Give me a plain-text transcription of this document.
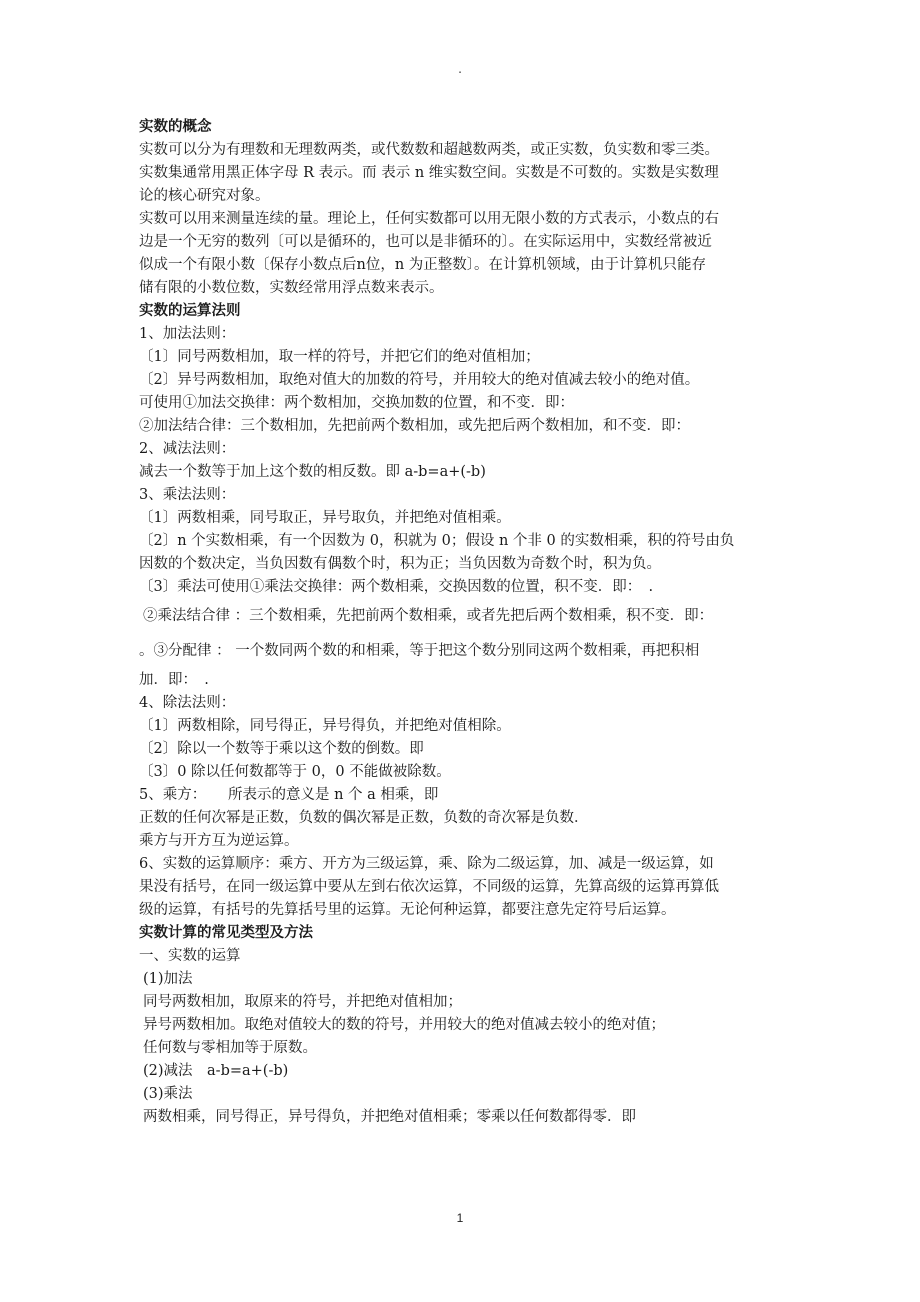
.
实数的概念
实数可以分为有理数和无理数两类，或代数数和超越数两类，或正实数，负实数和零三类。
实数集通常用黑正体字母 R 表示。而 表示 n 维实数空间。实数是不可数的。实数是实数理
论的核心研究对象。
实数可以用来测量连续的量。理论上，任何实数都可以用无限小数的方式表示，小数点的右
边是一个无穷的数列〔可以是循环的，也可以是非循环的〕。在实际运用中，实数经常被近
似成一个有限小数〔保存小数点后n位，n 为正整数〕。在计算机领域，由于计算机只能存
储有限的小数位数，实数经常用浮点数来表示。
实数的运算法则
1、加法法则：
〔1〕同号两数相加，取一样的符号，并把它们的绝对值相加；
〔2〕异号两数相加，取绝对值大的加数的符号，并用较大的绝对值减去较小的绝对值。
可使用①加法交换律：两个数相加，交换加数的位置，和不变．即：
②加法结合律：三个数相加，先把前两个数相加，或先把后两个数相加，和不变．即：
2、减法法则：
减去一个数等于加上这个数的相反数。即 a-b=a+(-b)
3、乘法法则：
〔1〕两数相乘，同号取正，异号取负，并把绝对值相乘。
〔2〕n 个实数相乘，有一个因数为 0，积就为 0；假设 n 个非 0 的实数相乘，积的符号由负
因数的个数决定，当负因数有偶数个时，积为正；当负因数为奇数个时，积为负。
〔3〕乘法可使用①乘法交换律：两个数相乘，交换因数的位置，积不变．即：　.
②乘法结合律 ：三个数相乘，先把前两个数相乘，或者先把后两个数相乘，积不变．即：
。③分配律 ： 一个数同两个数的和相乘，等于把这个数分别同这两个数相乘，再把积相
加．即：　.
4、除法法则：
〔1〕两数相除，同号得正，异号得负，并把绝对值相除。
〔2〕除以一个数等于乘以这个数的倒数。即
〔3〕0 除以任何数都等于 0，0 不能做被除数。
5、乘方：　　所表示的意义是 n 个 a 相乘，即
正数的任何次幂是正数，负数的偶次幂是正数，负数的奇次幂是负数．
乘方与开方互为逆运算。
6、实数的运算顺序：乘方、开方为三级运算，乘、除为二级运算，加、减是一级运算，如
果没有括号，在同一级运算中要从左到右依次运算，不同级的运算，先算高级的运算再算低
级的运算，有括号的先算括号里的运算。无论何种运算，都要注意先定符号后运算。
实数计算的常见类型及方法
一、实数的运算
(1)加法
同号两数相加，取原来的符号，并把绝对值相加；
异号两数相加。取绝对值较大的数的符号，并用较大的绝对值减去较小的绝对值；
任何数与零相加等于原数。
(2)减法　a-b=a+(-b)
(3)乘法
两数相乘，同号得正，异号得负，并把绝对值相乘；零乘以任何数都得零．即
1
